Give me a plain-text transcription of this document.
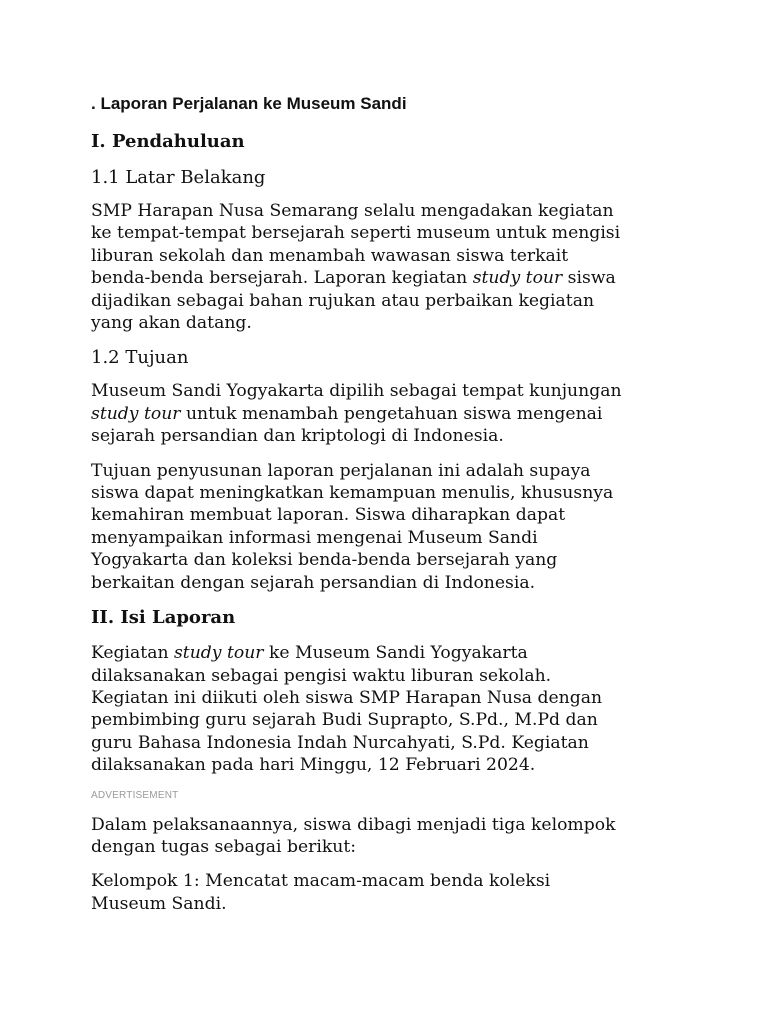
. Laporan Perjalanan ke Museum Sandi
I. Pendahuluan
1.1 Latar Belakang

SMP Harapan Nusa Semarang selalu mengadakan kegiatan
ke tempat-tempat bersejarah seperti museum untuk mengisi
liburan sekolah dan menambah wawasan siswa terkait
benda-benda bersejarah. Laporan kegiatan study tour siswa
dijadikan sebagai bahan rujukan atau perbaikan kegiatan
yang akan datang.

1.2 Tujuan

Museum Sandi Yogyakarta dipilih sebagai tempat kunjungan
study tour untuk menambah pengetahuan siswa mengenai
sejarah persandian dan kriptologi di Indonesia.

Tujuan penyusunan laporan perjalanan ini adalah supaya
siswa dapat meningkatkan kemampuan menulis, khususnya
kemahiran membuat laporan. Siswa diharapkan dapat
menyampaikan informasi mengenai Museum Sandi
Yogyakarta dan koleksi benda-benda bersejarah yang
berkaitan dengan sejarah persandian di Indonesia.

II. Isi Laporan

Kegiatan study tour ke Museum Sandi Yogyakarta
dilaksanakan sebagai pengisi waktu liburan sekolah.
Kegiatan ini diikuti oleh siswa SMP Harapan Nusa dengan
pembimbing guru sejarah Budi Suprapto, S.Pd., M.Pd dan
guru Bahasa Indonesia Indah Nurcahyati, S.Pd. Kegiatan
dilaksanakan pada hari Minggu, 12 Februari 2024.

ADVERTISEMENT

Dalam pelaksanaannya, siswa dibagi menjadi tiga kelompok
dengan tugas sebagai berikut:

Kelompok 1: Mencatat macam-macam benda koleksi
Museum Sandi.
